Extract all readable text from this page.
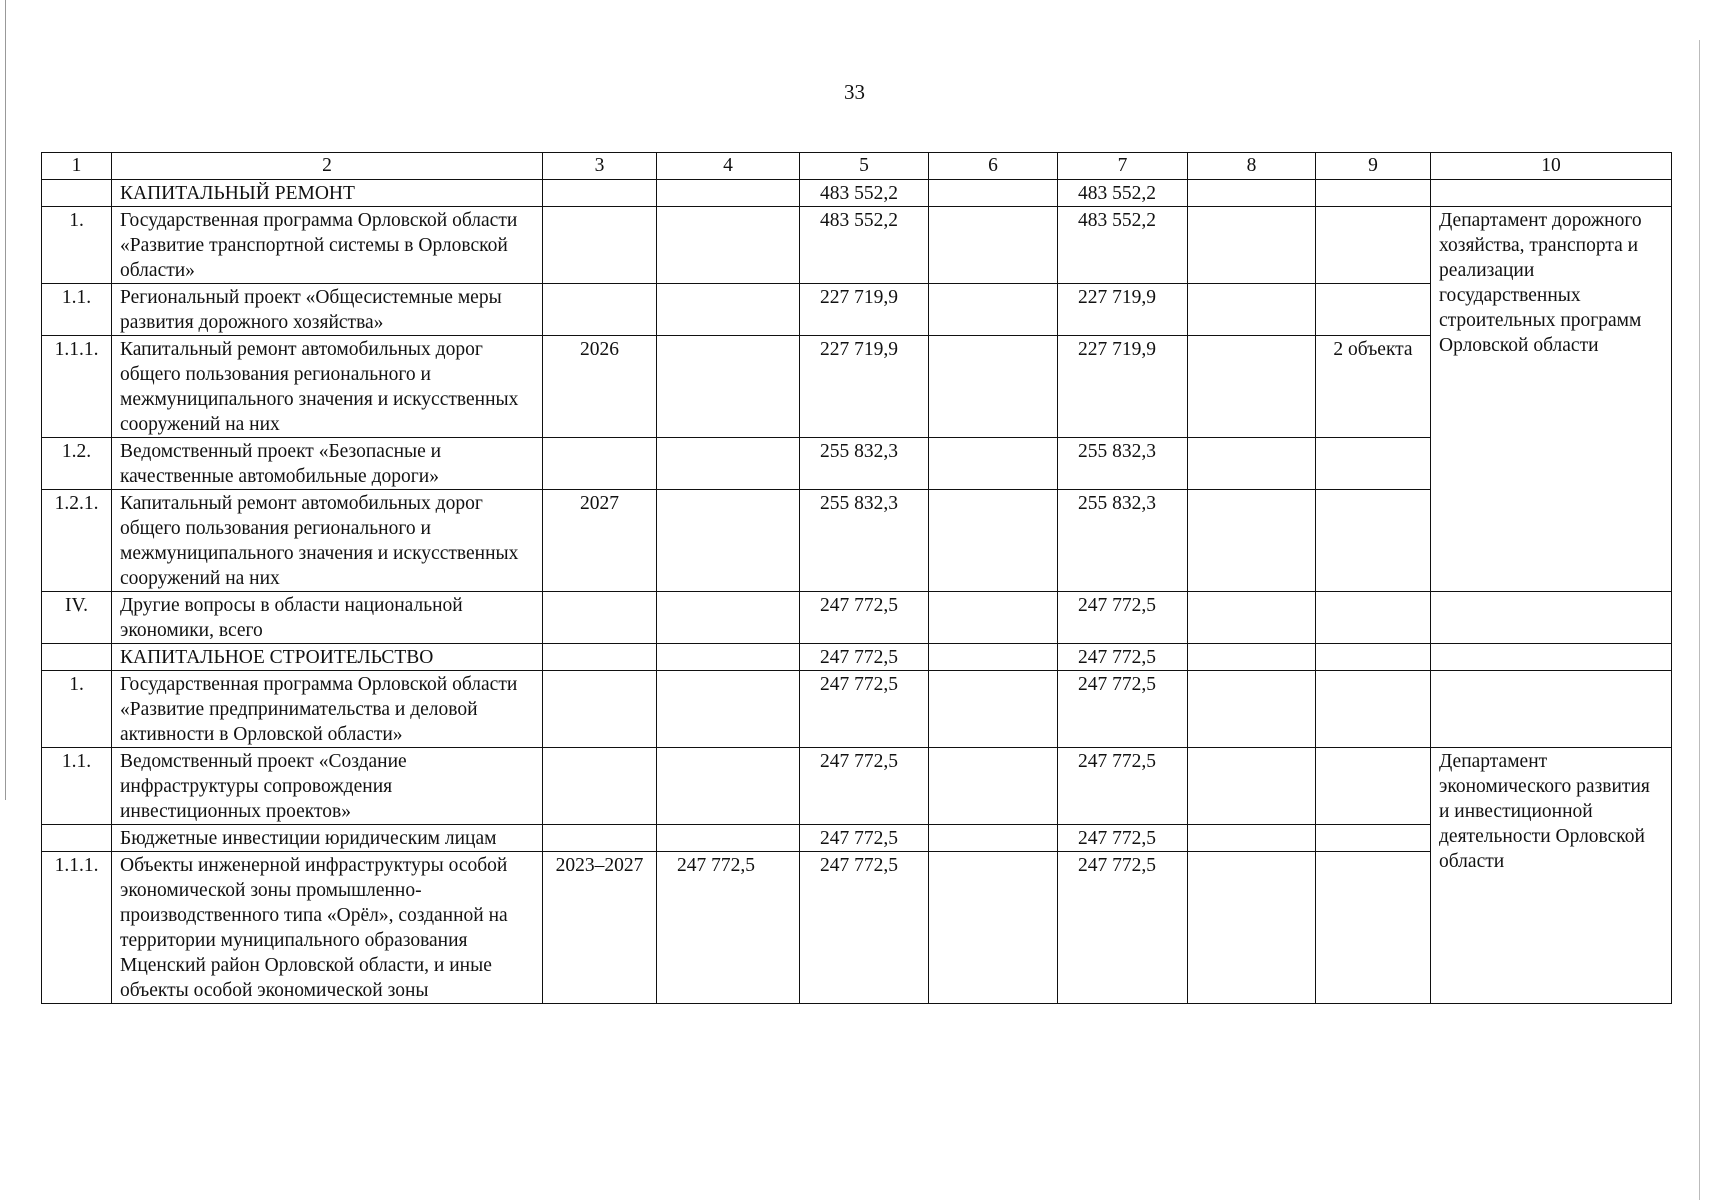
33
1	2	3	4	5	6	7	8	9	10
	КАПИТАЛЬНЫЙ РЕМОНТ			483 552,2		483 552,2			
1.	Государственная программа Орловской области «Развитие транспортной системы в Орловской области»			483 552,2		483 552,2			Департамент дорожного хозяйства, транспорта и реализации государственных строительных программ Орловской области
1.1.	Региональный проект «Общесистемные меры развития дорожного хозяйства»			227 719,9		227 719,9			
1.1.1.	Капитальный ремонт автомобильных дорог общего пользования регионального и межмуниципального значения и искусственных сооружений на них	2026		227 719,9		227 719,9		2 объекта	
1.2.	Ведомственный проект «Безопасные и качественные автомобильные дороги»			255 832,3		255 832,3			
1.2.1.	Капитальный ремонт автомобильных дорог общего пользования регионального и межмуниципального значения и искусственных сооружений на них	2027		255 832,3		255 832,3			
IV.	Другие вопросы в области национальной экономики, всего			247 772,5		247 772,5			
	КАПИТАЛЬНОЕ СТРОИТЕЛЬСТВО			247 772,5		247 772,5			
1.	Государственная программа Орловской области «Развитие предпринимательства и деловой активности в Орловской области»			247 772,5		247 772,5			
1.1.	Ведомственный проект «Создание инфраструктуры сопровождения инвестиционных проектов»			247 772,5		247 772,5			Департамент экономического развития и инвестиционной деятельности Орловской области
	Бюджетные инвестиции юридическим лицам			247 772,5		247 772,5			
1.1.1.	Объекты инженерной инфраструктуры особой экономической зоны промышленно-производственного типа «Орёл», созданной на территории муниципального образования Мценский район Орловской области, и иные объекты особой экономической зоны	2023–2027	247 772,5	247 772,5		247 772,5			
